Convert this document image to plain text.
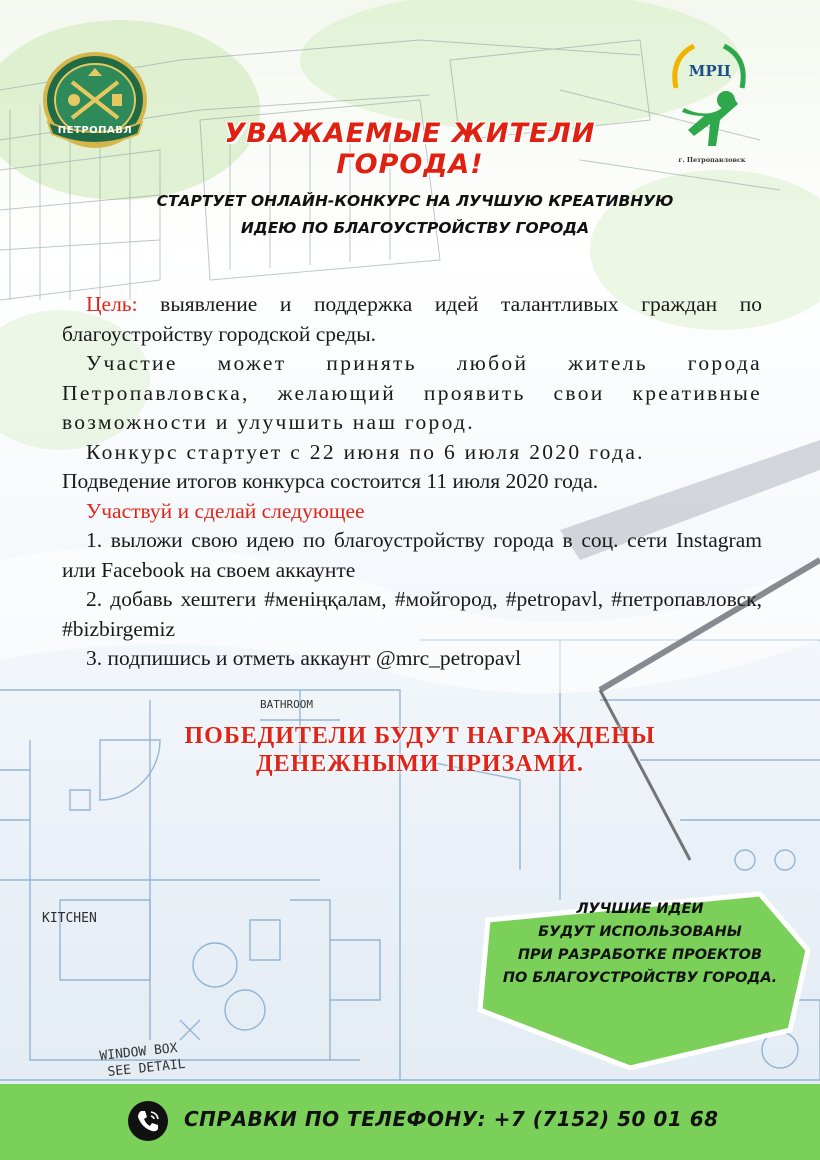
KITCHEN
BATHROOM
WINDOW BOX
SEE DETAIL
ПЕТРОПАВЛ
МРЦ
г. Петропавловск
УВАЖАЕМЫЕ ЖИТЕЛИ ГОРОДА!
СТАРТУЕТ ОНЛАЙН-КОНКУРС НА ЛУЧШУЮ КРЕАТИВНУЮ
ИДЕЮ ПО БЛАГОУСТРОЙСТВУ ГОРОДА

Цель: выявление и поддержка идей талантливых граждан по благоустройству городской среды.

Участие может принять любой житель города Петропавловска, желающий проявить свои креативные возможности и улучшить наш город.

Конкурс стартует с 22 июня по 6 июля 2020 года.

Подведение итогов конкурса состоится 11 июля 2020 года.

Участвуй и сделай следующее

1. выложи свою идею по благоустройству города в соц. сети Instagram или Facebook на своем аккаунте

2. добавь хештеги #менiңқалам, #мойгород, #petropavl, #петропавловск, #bizbirgemiz

3. подпишись и отметь аккаунт @mrc_petropavl

ПОБЕДИТЕЛИ БУДУТ НАГРАЖДЕНЫ
ДЕНЕЖНЫМИ ПРИЗАМИ.
ЛУЧШИЕ ИДЕИ
БУДУТ ИСПОЛЬЗОВАНЫ
ПРИ РАЗРАБОТКЕ ПРОЕКТОВ
ПО БЛАГОУСТРОЙСТВУ ГОРОДА.
СПРАВКИ ПО ТЕЛЕФОНУ: +7 (7152) 50 01 68
